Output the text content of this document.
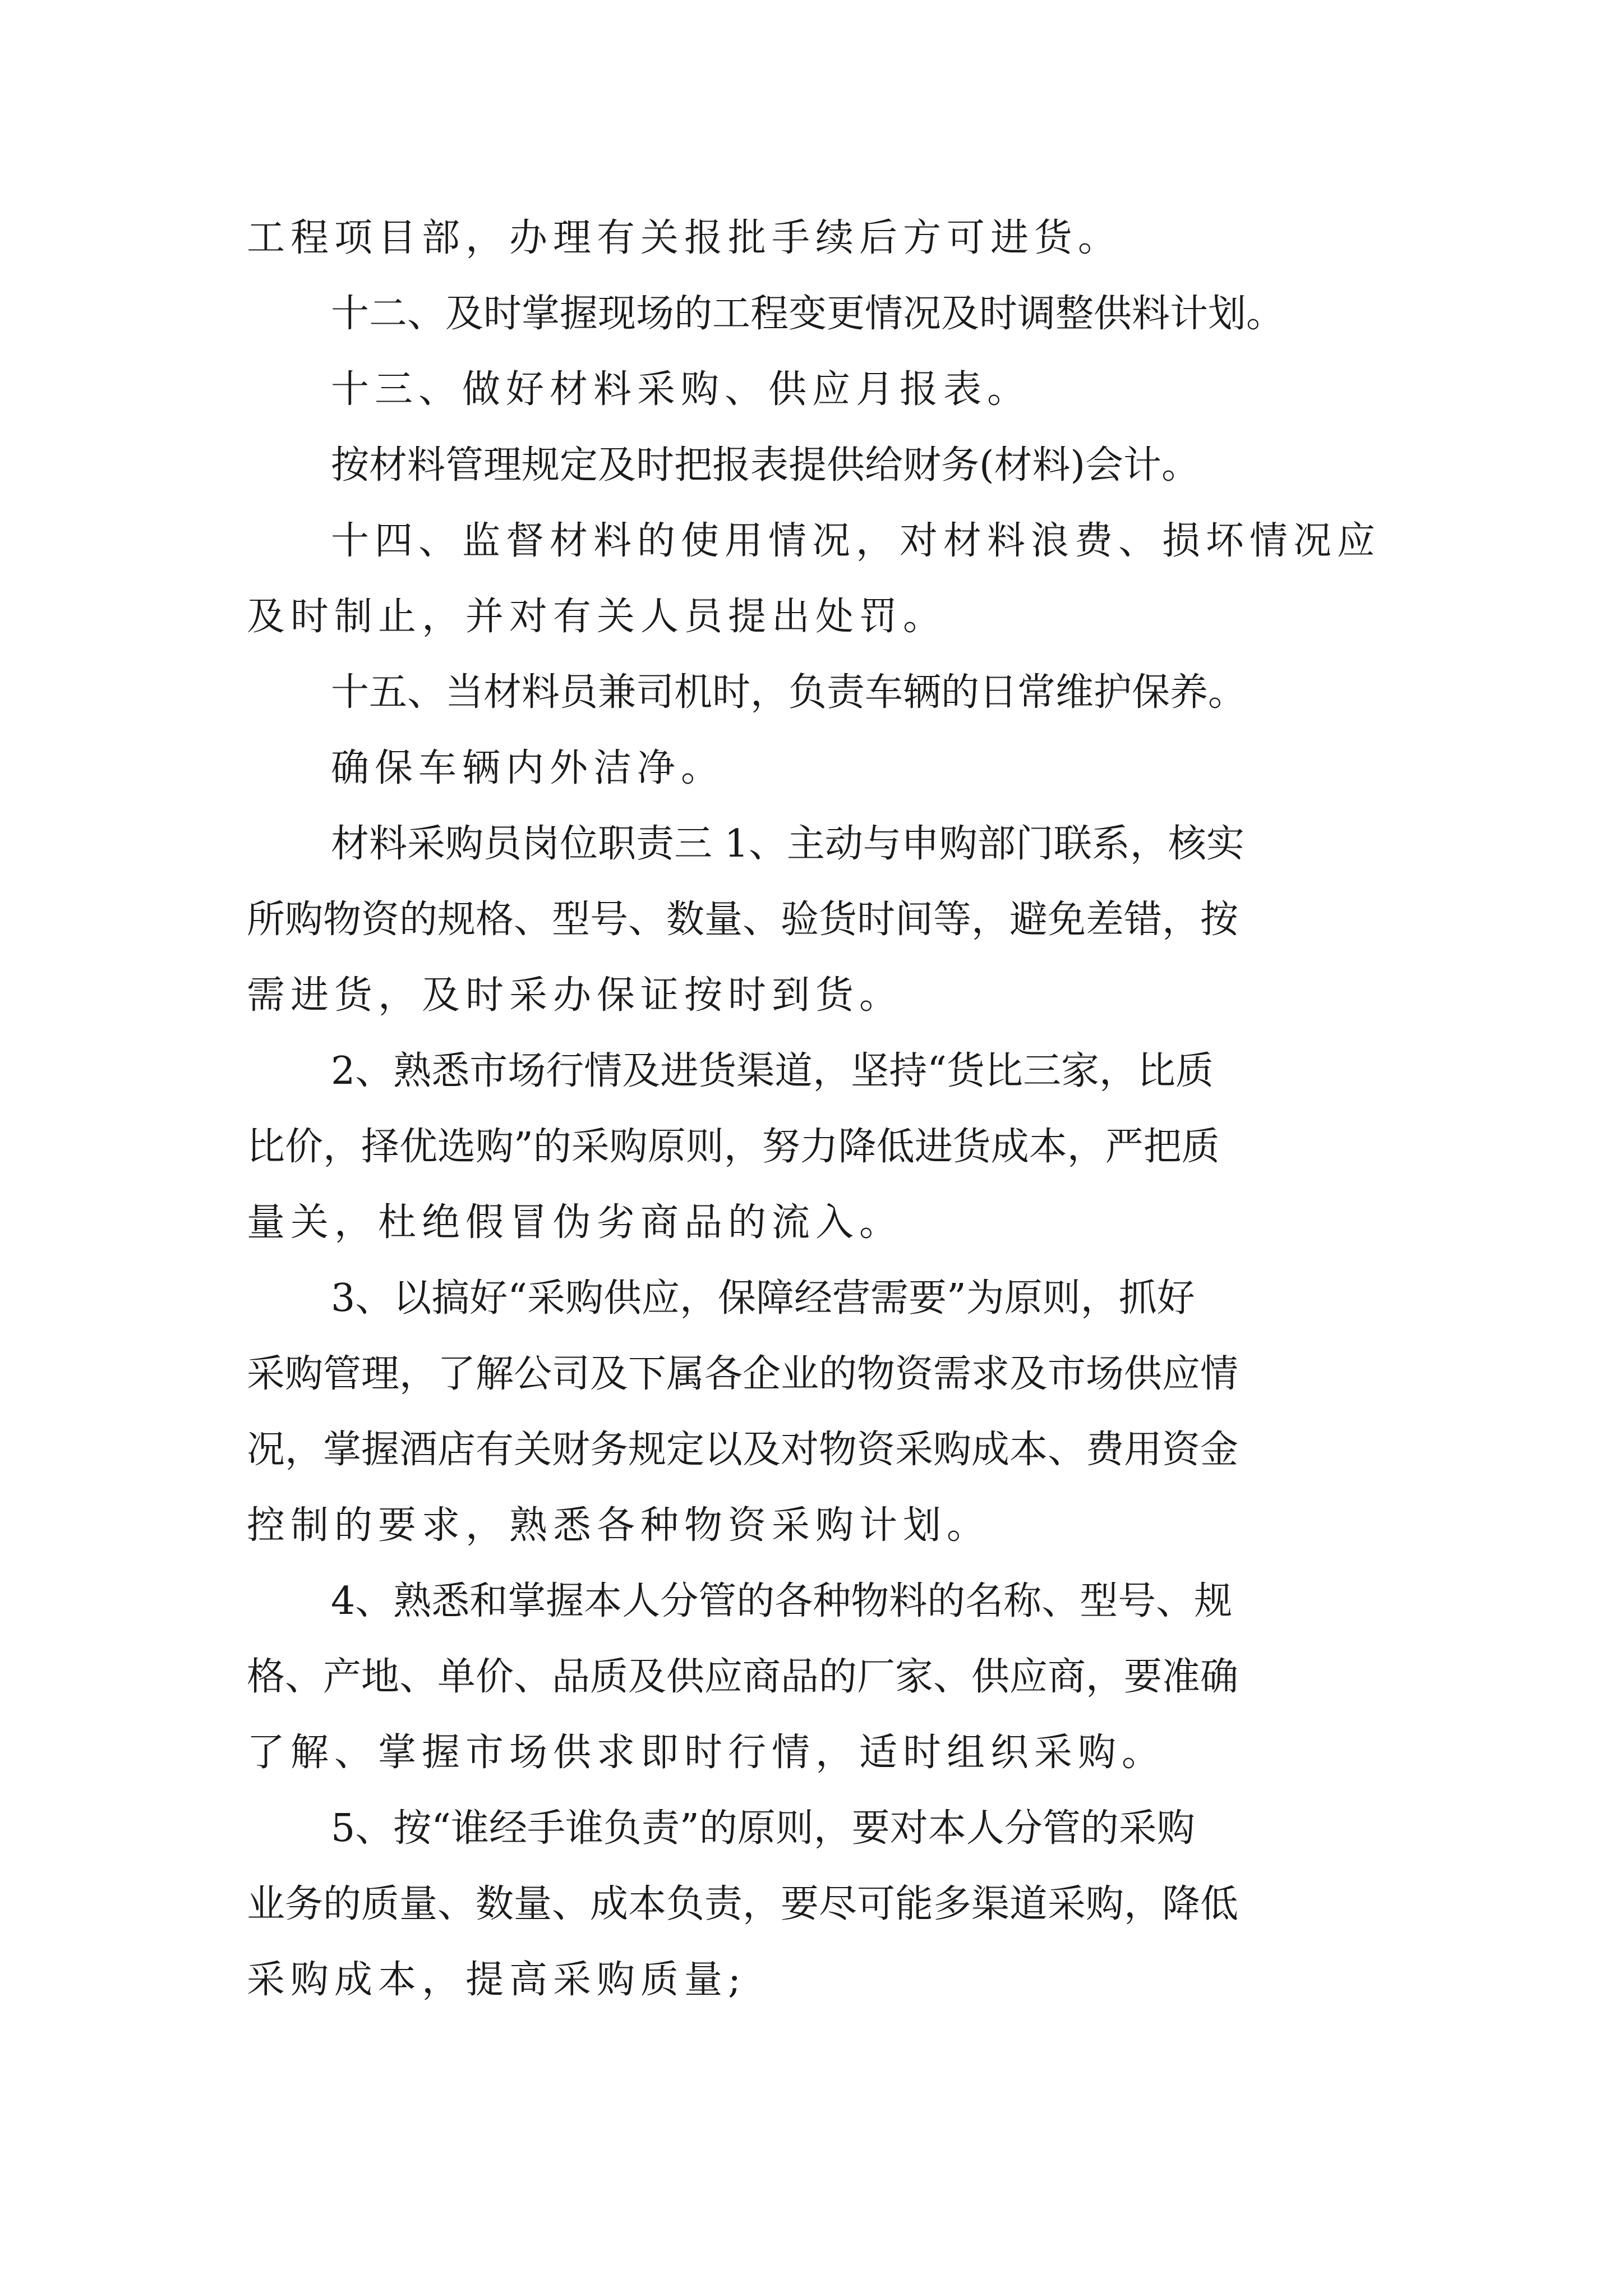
工程项目部，办理有关报批手续后方可进货。
十二、及时掌握现场的工程变更情况及时调整供料计划。
十三、做好材料采购、供应月报表。
按材料管理规定及时把报表提供给财务(材料)会计。
十四、监督材料的使用情况，对材料浪费、损坏情况应
及时制止，并对有关人员提出处罚。
十五、当材料员兼司机时，负责车辆的日常维护保养。
确保车辆内外洁净。
材料采购员岗位职责三 1、主动与申购部门联系，核实
所购物资的规格、型号、数量、验货时间等，避免差错，按
需进货，及时采办保证按时到货。
2、熟悉市场行情及进货渠道，坚持“货比三家，比质
比价，择优选购”的采购原则，努力降低进货成本，严把质
量关，杜绝假冒伪劣商品的流入。
3、以搞好“采购供应，保障经营需要”为原则，抓好
采购管理，了解公司及下属各企业的物资需求及市场供应情
况，掌握酒店有关财务规定以及对物资采购成本、费用资金
控制的要求，熟悉各种物资采购计划。
4、熟悉和掌握本人分管的各种物料的名称、型号、规
格、产地、单价、品质及供应商品的厂家、供应商，要准确
了解、掌握市场供求即时行情，适时组织采购。
5、按“谁经手谁负责”的原则，要对本人分管的采购
业务的质量、数量、成本负责，要尽可能多渠道采购，降低
采购成本，提高采购质量;
